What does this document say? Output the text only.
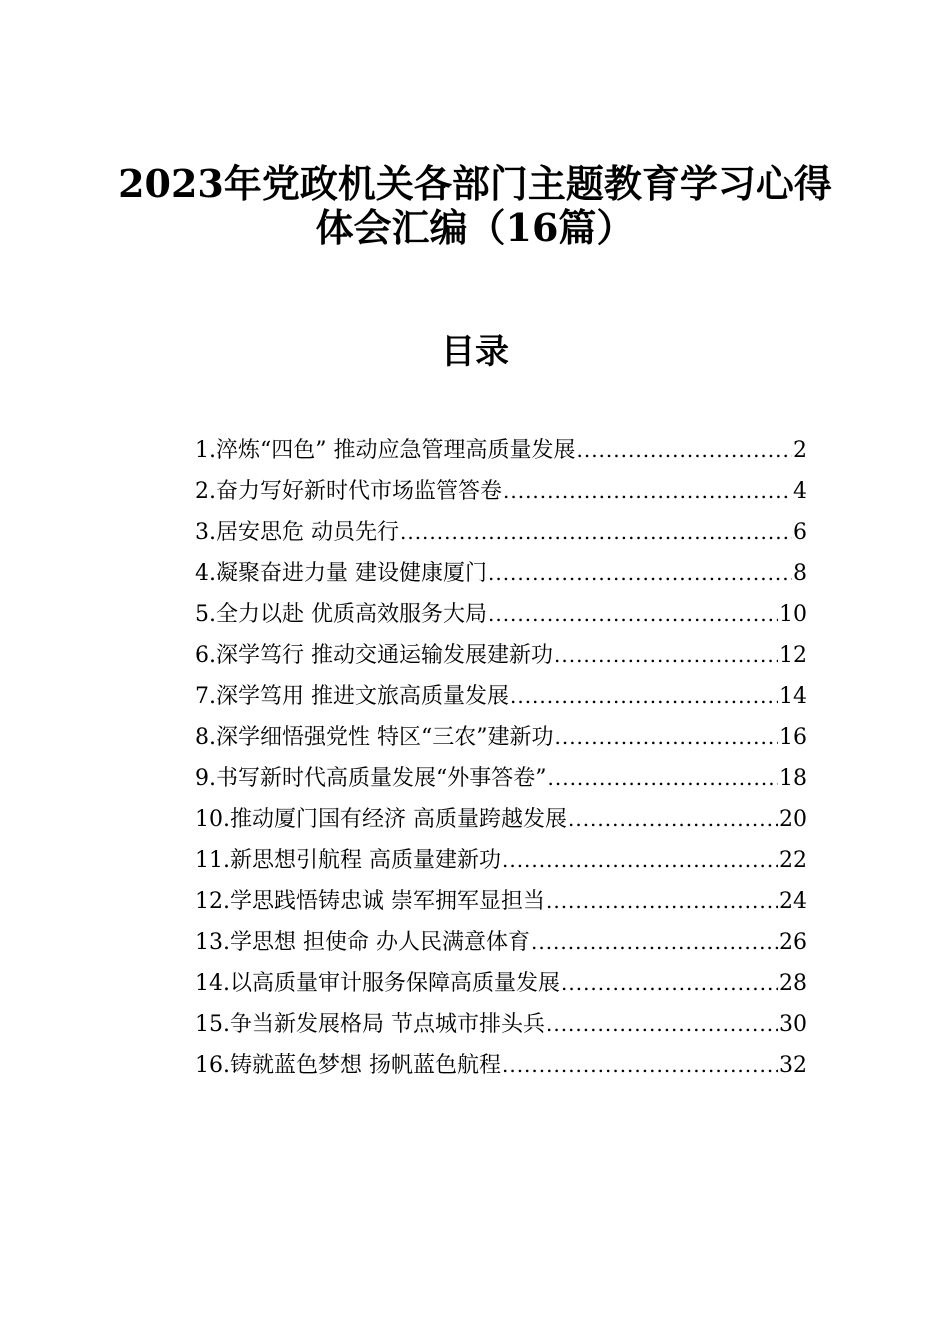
2023年党政机关各部门主题教育学习心得
体会汇编（16篇）
目录
1.淬炼“四色” 推动应急管理高质量发展 .....	2
2.奋力写好新时代市场监管答卷 .....	4
3.居安思危 动员先行 .....	6
4.凝聚奋进力量 建设健康厦门 .....	8
5.全力以赴 优质高效服务大局 .....	10
6.深学笃行 推动交通运输发展建新功 .....	12
7.深学笃用 推进文旅高质量发展 .....	14
8.深学细悟强党性 特区“三农”建新功 .....	16
9.书写新时代高质量发展“外事答卷” .....	18
10.推动厦门国有经济 高质量跨越发展 .....	20
11.新思想引航程 高质量建新功 .....	22
12.学思践悟铸忠诚 崇军拥军显担当 .....	24
13.学思想 担使命 办人民满意体育 .....	26
14.以高质量审计服务保障高质量发展 .....	28
15.争当新发展格局 节点城市排头兵 .....	30
16.铸就蓝色梦想 扬帆蓝色航程 .....	32
